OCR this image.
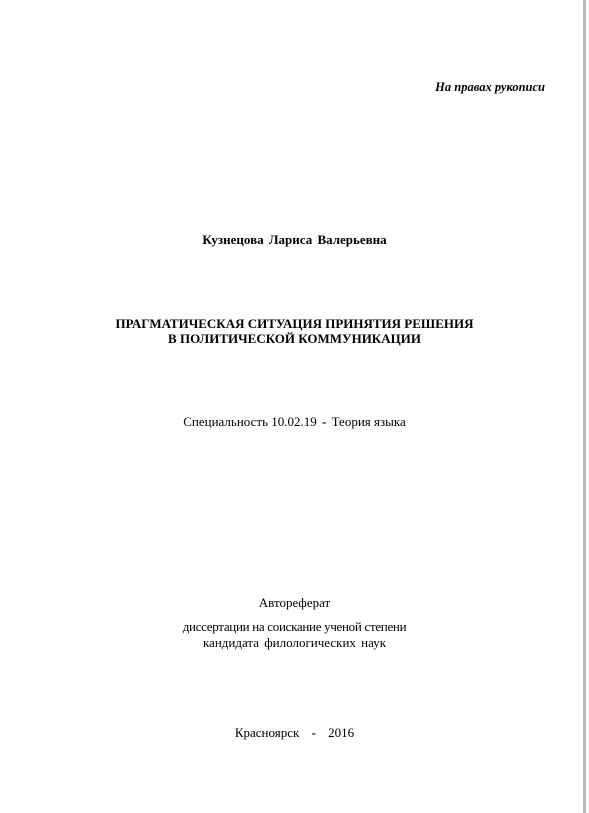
На правах рукописи
Кузнецова Лариса Валерьевна
ПРАГМАТИЧЕСКАЯ СИТУАЦИЯ ПРИНЯТИЯ РЕШЕНИЯ
В ПОЛИТИЧЕСКОЙ КОММУНИКАЦИИ
Специальность 10.02.19 - Теория языка
Автореферат
диссертации на соискание ученой степени
кандидата филологических наук
Красноярск - 2016
